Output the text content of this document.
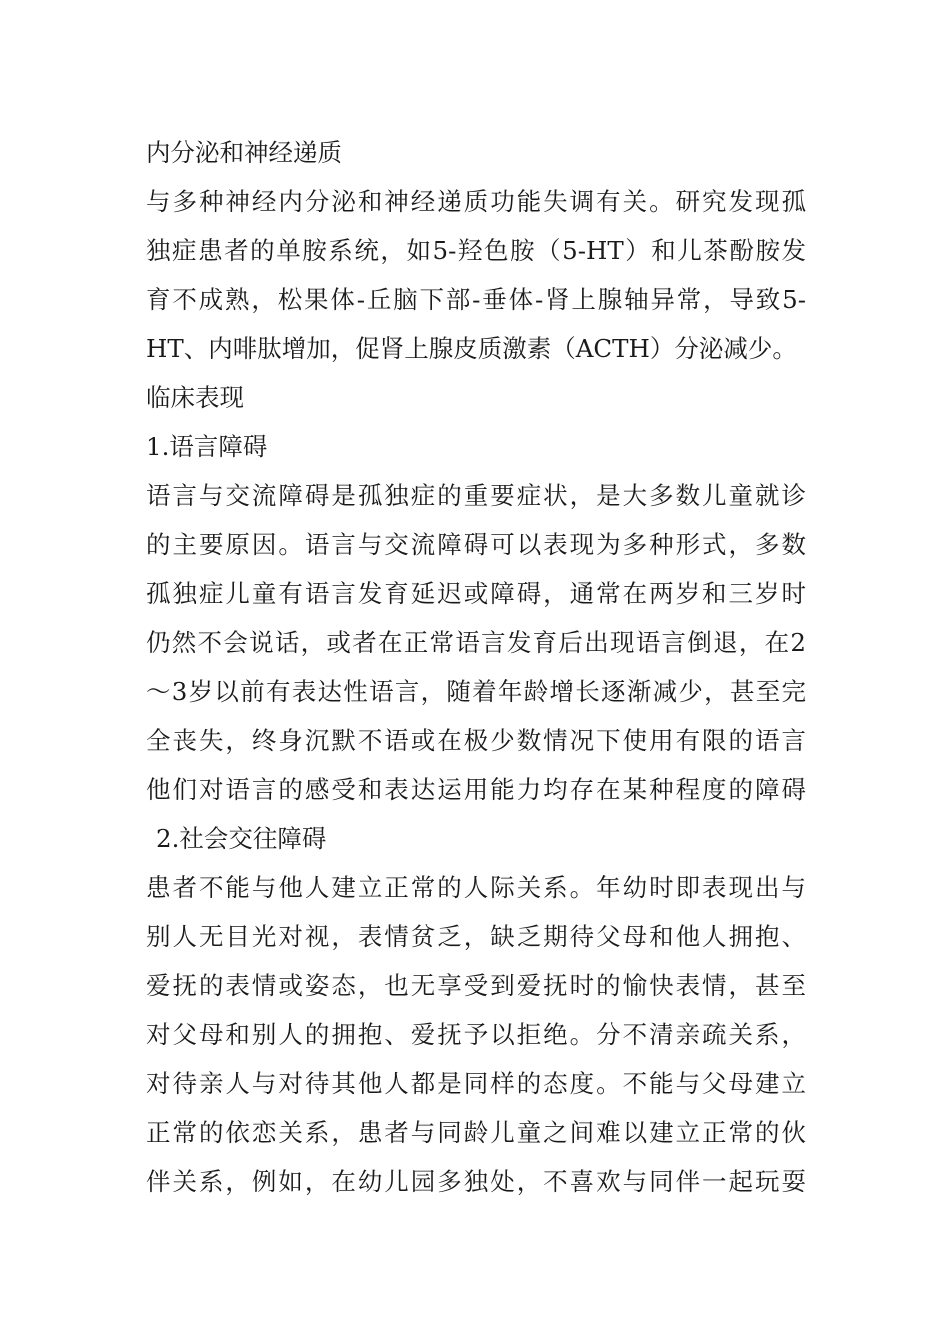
内分泌和神经递质
与多种神经内分泌和神经递质功能失调有关。研究发现孤
独症患者的单胺系统，如5-羟色胺（5-HT）和儿茶酚胺发
育不成熟，松果体-丘脑下部-垂体-肾上腺轴异常，导致5-
HT、内啡肽增加，促肾上腺皮质激素（ACTH）分泌减少。
临床表现
1.语言障碍
语言与交流障碍是孤独症的重要症状，是大多数儿童就诊
的主要原因。语言与交流障碍可以表现为多种形式，多数
孤独症儿童有语言发育延迟或障碍，通常在两岁和三岁时
仍然不会说话，或者在正常语言发育后出现语言倒退，在2
～3岁以前有表达性语言，随着年龄增长逐渐减少，甚至完
全丧失，终身沉默不语或在极少数情况下使用有限的语言
他们对语言的感受和表达运用能力均存在某种程度的障碍
2.社会交往障碍
患者不能与他人建立正常的人际关系。年幼时即表现出与
别人无目光对视，表情贫乏，缺乏期待父母和他人拥抱、
爱抚的表情或姿态，也无享受到爱抚时的愉快表情，甚至
对父母和别人的拥抱、爱抚予以拒绝。分不清亲疏关系，
对待亲人与对待其他人都是同样的态度。不能与父母建立
正常的依恋关系，患者与同龄儿童之间难以建立正常的伙
伴关系，例如，在幼儿园多独处，不喜欢与同伴一起玩耍
